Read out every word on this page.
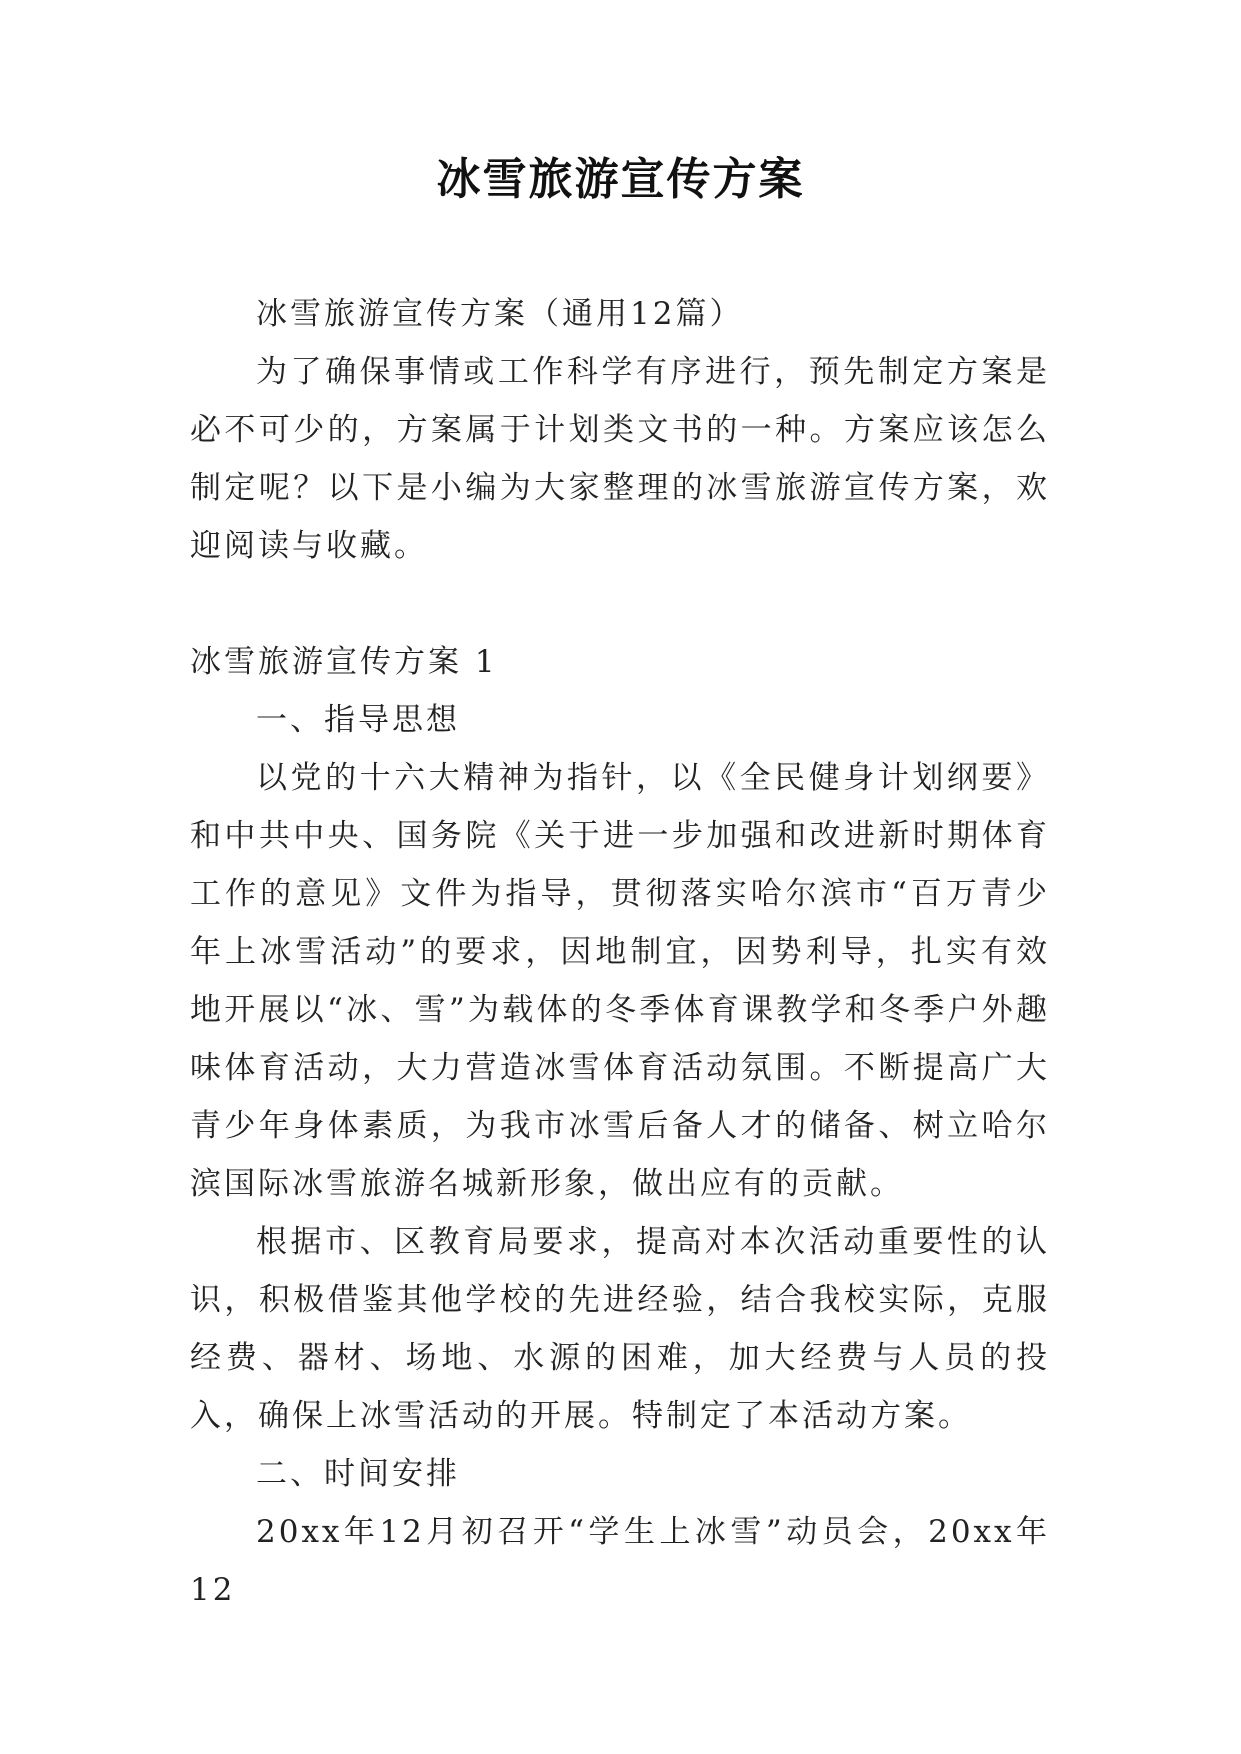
冰雪旅游宣传方案

冰雪旅游宣传方案（通用12篇）

为了确保事情或工作科学有序进行，预先制定方案是必不可少的，方案属于计划类文书的一种。方案应该怎么制定呢？以下是小编为大家整理的冰雪旅游宣传方案，欢迎阅读与收藏。

冰雪旅游宣传方案 1

一、指导思想

以党的十六大精神为指针，以《全民健身计划纲要》和中共中央、国务院《关于进一步加强和改进新时期体育工作的意见》文件为指导，贯彻落实哈尔滨市“百万青少年上冰雪活动”的要求，因地制宜，因势利导，扎实有效地开展以“冰、雪”为载体的冬季体育课教学和冬季户外趣味体育活动，大力营造冰雪体育活动氛围。不断提高广大青少年身体素质，为我市冰雪后备人才的储备、树立哈尔滨国际冰雪旅游名城新形象，做出应有的贡献。

根据市、区教育局要求，提高对本次活动重要性的认识，积极借鉴其他学校的先进经验，结合我校实际，克服经费、器材、场地、水源的困难，加大经费与人员的投入，确保上冰雪活动的开展。特制定了本活动方案。

二、时间安排

20xx年12月初召开“学生上冰雪”动员会，20xx年12
